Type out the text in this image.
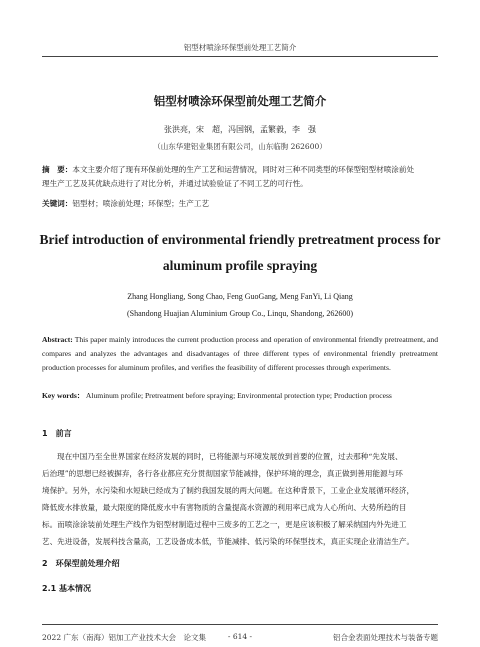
铝型材喷涂环保型前处理工艺简介
铝型材喷涂环保型前处理工艺简介
张洪亮，宋　超，冯国钢，孟繁毅，李　强
（山东华建铝业集团有限公司，山东临朐 262600）
摘　要：本文主要介绍了现有环保前处理的生产工艺和运营情况，同时对三种不同类型的环保型铝型材喷涂前处
理生产工艺及其优缺点进行了对比分析，并通过试验验证了不同工艺的可行性。
关键词：铝型材；喷涂前处理；环保型；生产工艺
Brief introduction of environmental friendly pretreatment process for
aluminum profile spraying
Zhang Hongliang, Song Chao, Feng GuoGang, Meng FanYi, Li Qiang
(Shandong Huajian Aluminium Group Co., Linqu, Shandong, 262600)
Abstract: This paper mainly introduces the current production process and operation of environmental friendly pretreatment, and compares and analyzes the advantages and disadvantages of three different types of environmental friendly pretreatment production processes for aluminum profiles, and verifies the feasibility of different processes through experiments.
Key words： Aluminum profile; Pretreatment before spraying; Environmental protection type; Production process
1　前言
现在中国乃至全世界国家在经济发展的同时，已将能源与环境发展放到首要的位置，过去那种“先发展、
后治理”的思想已经被摒弃，各行各业都应充分贯彻国家节能减排，保护环境的理念，真正做到善用能源与环
境保护。另外，水污染和水短缺已经成为了制约我国发展的两大问题。在这种背景下，工业企业发展循环经济，
降低废水排放量，最大限度的降低废水中有害物质的含量提高水资源的利用率已成为人心所向、大势所趋的目
标。而喷涂涂装前处理生产线作为铝型材制造过程中三废多的工艺之一，更是应该积极了解采纳国内外先进工
艺、先进设备，发展科技含量高，工艺设备成本低，节能减排、低污染的环保型技术，真正实现企业清洁生产。
2　环保型前处理介绍
2.1 基本情况
2022 广东（南海）铝加工产业技术大会　论文集	- 614 -	铝合金表面处理技术与装备专题
